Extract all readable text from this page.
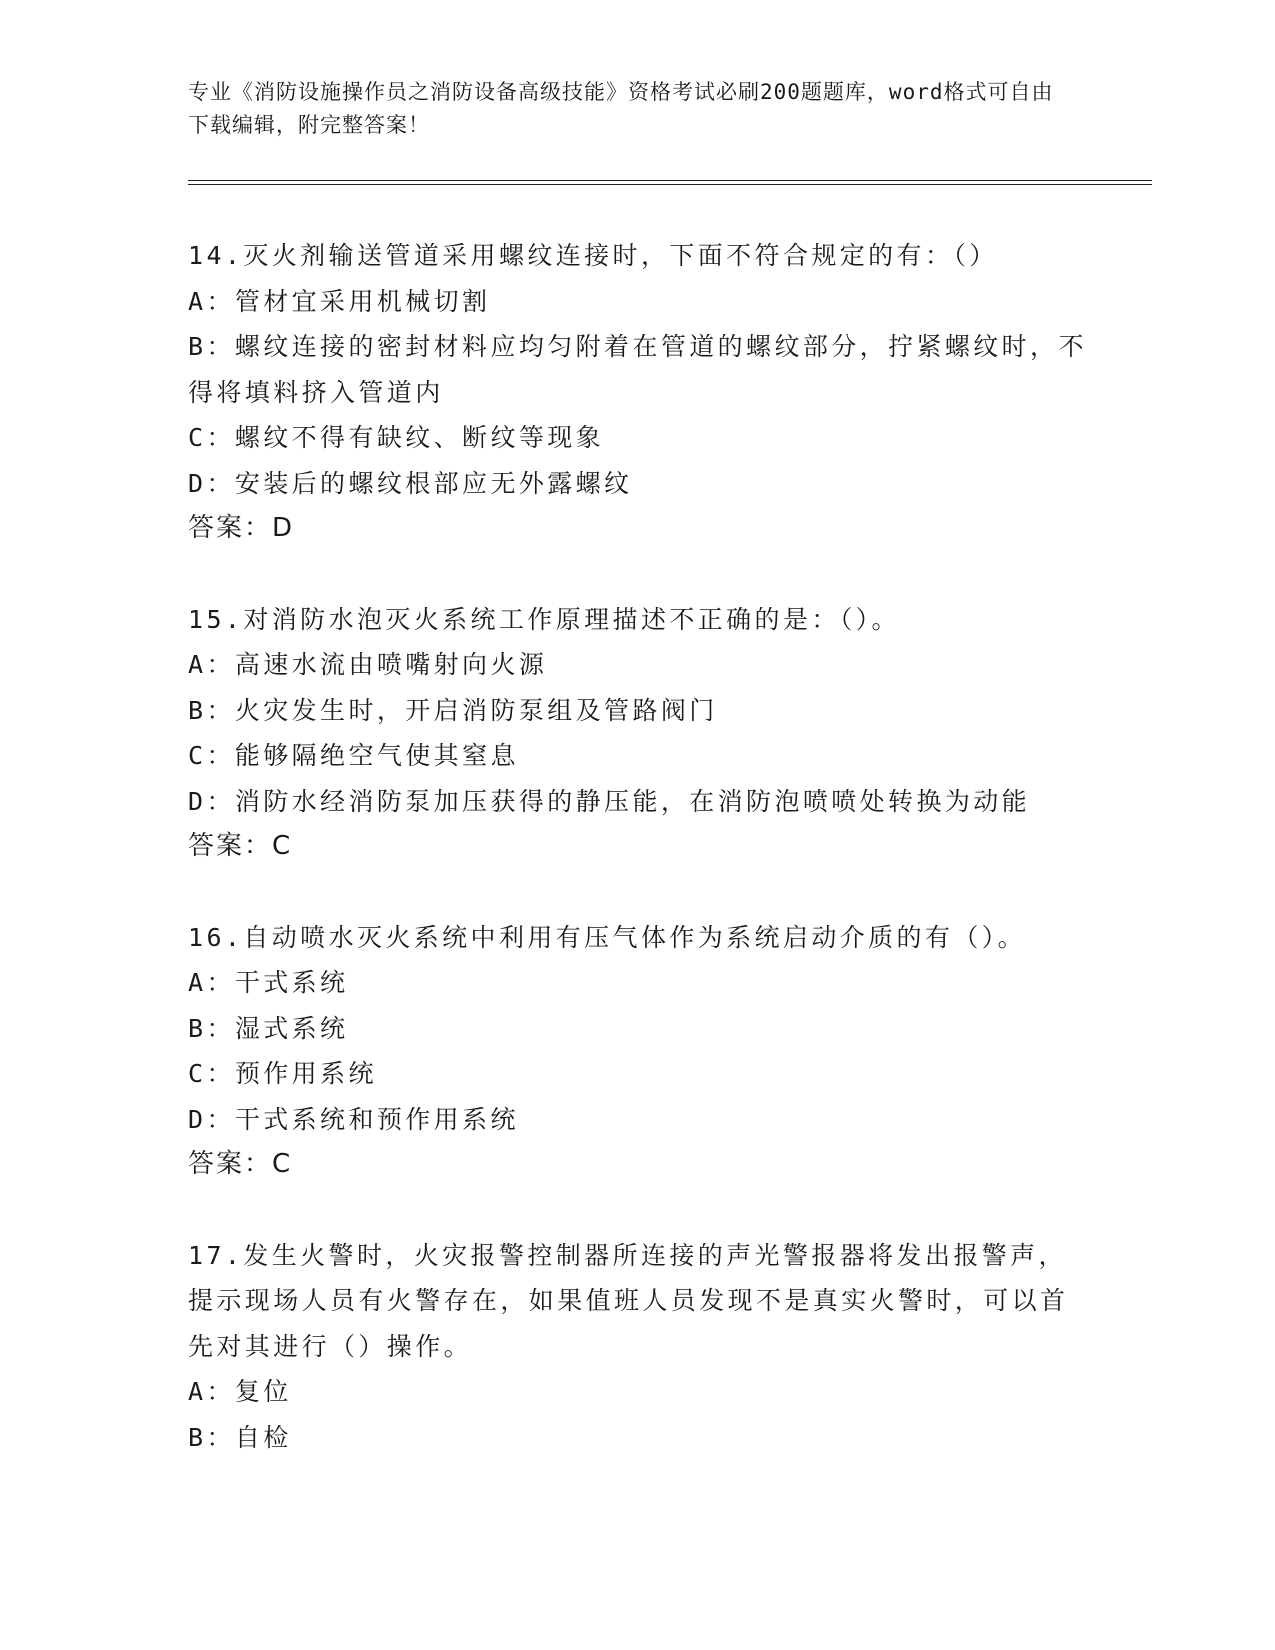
专业《消防设施操作员之消防设备高级技能》资格考试必刷200题题库，word格式可自由下载编辑，附完整答案！
14.灭火剂输送管道采用螺纹连接时，下面不符合规定的有：（）
A：管材宜采用机械切割
B：螺纹连接的密封材料应均匀附着在管道的螺纹部分，拧紧螺纹时，不得将填料挤入管道内
C：螺纹不得有缺纹、断纹等现象
D：安装后的螺纹根部应无外露螺纹
答案：D
15.对消防水泡灭火系统工作原理描述不正确的是：（）。
A：高速水流由喷嘴射向火源
B：火灾发生时，开启消防泵组及管路阀门
C：能够隔绝空气使其窒息
D：消防水经消防泵加压获得的静压能，在消防泡喷喷处转换为动能
答案：C
16.自动喷水灭火系统中利用有压气体作为系统启动介质的有（）。
A：干式系统
B：湿式系统
C：预作用系统
D：干式系统和预作用系统
答案：C
17.发生火警时，火灾报警控制器所连接的声光警报器将发出报警声，提示现场人员有火警存在，如果值班人员发现不是真实火警时，可以首先对其进行（）操作。
A：复位
B：自检
